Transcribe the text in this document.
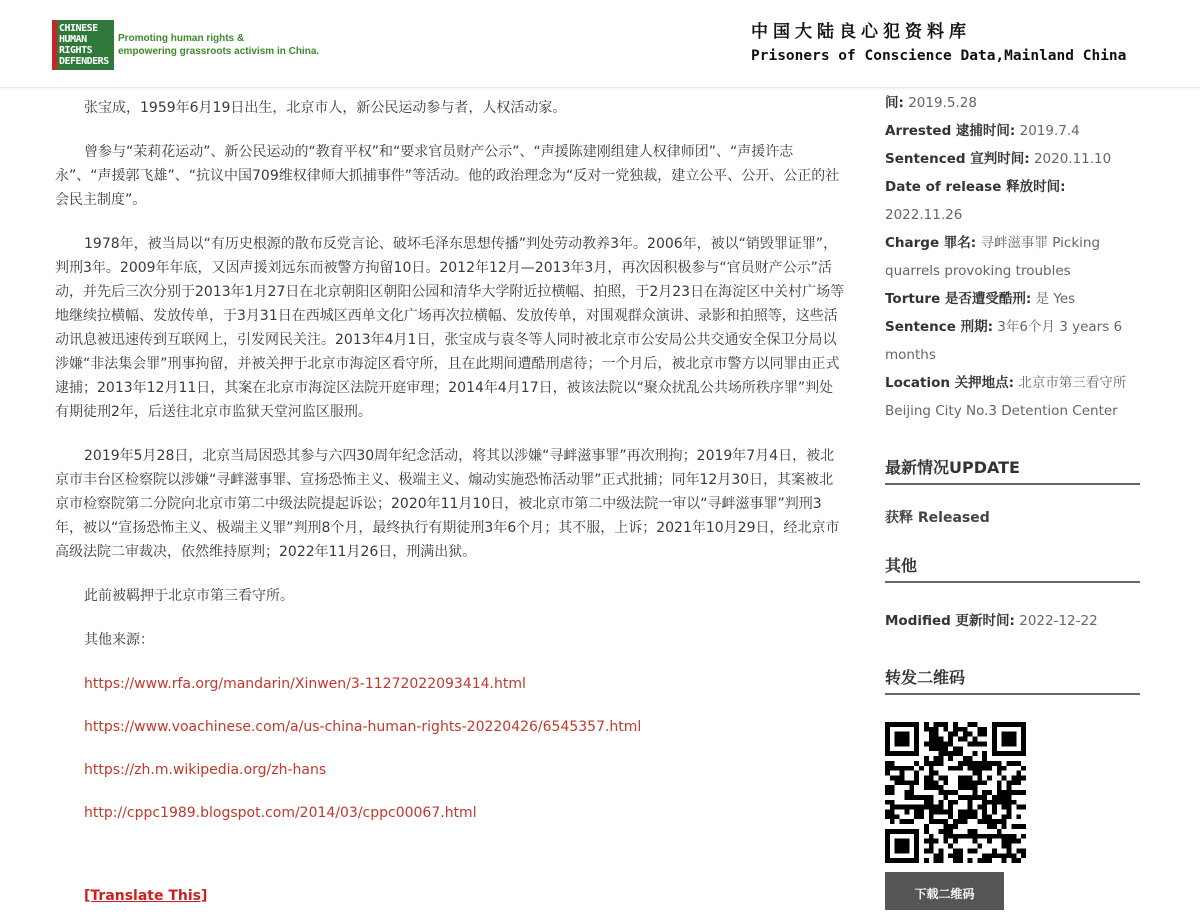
CHINESE
HUMAN
RIGHTS
DEFENDERS
Promoting human rights &
empowering grassroots activism in China.
中国大陆良心犯资料库
Prisoners of Conscience Data,Mainland China

张宝成，1959年6月19日出生，北京市人，新公民运动参与者，人权活动家。

曾参与“茉莉花运动”、新公民运动的“教育平权”和“要求官员财产公示”、“声援陈建刚组建人权律师团”、“声援许志永”、“声援郭飞雄”、“抗议中国709维权律师大抓捕事件”等活动。他的政治理念为“反对一党独裁，建立公平、公开、公正的社会民主制度”。

1978年，被当局以“有历史根源的散布反党言论、破坏毛泽东思想传播”判处劳动教养3年。2006年，被以“销毁罪证罪”，判刑3年。2009年年底，又因声援刘远东而被警方拘留10日。2012年12月—2013年3月，再次因积极参与“官员财产公示”活动，并先后三次分别于2013年1月27日在北京朝阳区朝阳公园和清华大学附近拉横幅、拍照，于2月23日在海淀区中关村广场等地继续拉横幅、发放传单，于3月31日在西城区西单文化广场再次拉横幅、发放传单，对围观群众演讲、录影和拍照等，这些活动讯息被迅速传到互联网上，引发网民关注。2013年4月1日，张宝成与袁冬等人同时被北京市公安局公共交通安全保卫分局以涉嫌“非法集会罪”刑事拘留，并被关押于北京市海淀区看守所，且在此期间遭酷刑虐待；一个月后，被北京市警方以同罪由正式逮捕；2013年12月11日，其案在北京市海淀区法院开庭审理；2014年4月17日，被该法院以“聚众扰乱公共场所秩序罪”判处有期徒刑2年，后送往北京市监狱天堂河监区服刑。

2019年5月28日，北京当局因恐其参与六四30周年纪念活动，将其以涉嫌“寻衅滋事罪”再次刑拘；2019年7月4日，被北京市丰台区检察院以涉嫌“寻衅滋事罪、宣扬恐怖主义、极端主义、煽动实施恐怖活动罪”正式批捕；同年12月30日，其案被北京市检察院第二分院向北京市第二中级法院提起诉讼；2020年11月10日，被北京市第二中级法院一审以“寻衅滋事罪”判刑3年，被以“宣扬恐怖主义、极端主义罪”判刑8个月，最终执行有期徒刑3年6个月；其不服，上诉；2021年10月29日，经北京市高级法院二审裁决，依然维持原判；2022年11月26日，刑满出狱。

此前被羁押于北京市第三看守所。

其他来源：

https://www.rfa.org/mandarin/Xinwen/3-11272022093414.html

https://www.voachinese.com/a/us-china-human-rights-20220426/6545357.html

https://zh.m.wikipedia.org/zh-hans

http://cppc1989.blogspot.com/2014/03/cppc00067.html

[Translate This]
间: 2019.5.28
Arrested 逮捕时间: 2019.7.4
Sentenced 宣判时间: 2020.11.10
Date of release 释放时间: 2022.11.26
Charge 罪名: 寻衅滋事罪 Picking quarrels provoking troubles
Torture 是否遭受酷刑: 是 Yes
Sentence 刑期: 3年6个月 3 years 6 months
Location 关押地点: 北京市第三看守所 Beijing City No.3 Detention Center
最新情况UPDATE
获释 Released
其他
Modified 更新时间: 2022-12-22
转发二维码
下载二维码
